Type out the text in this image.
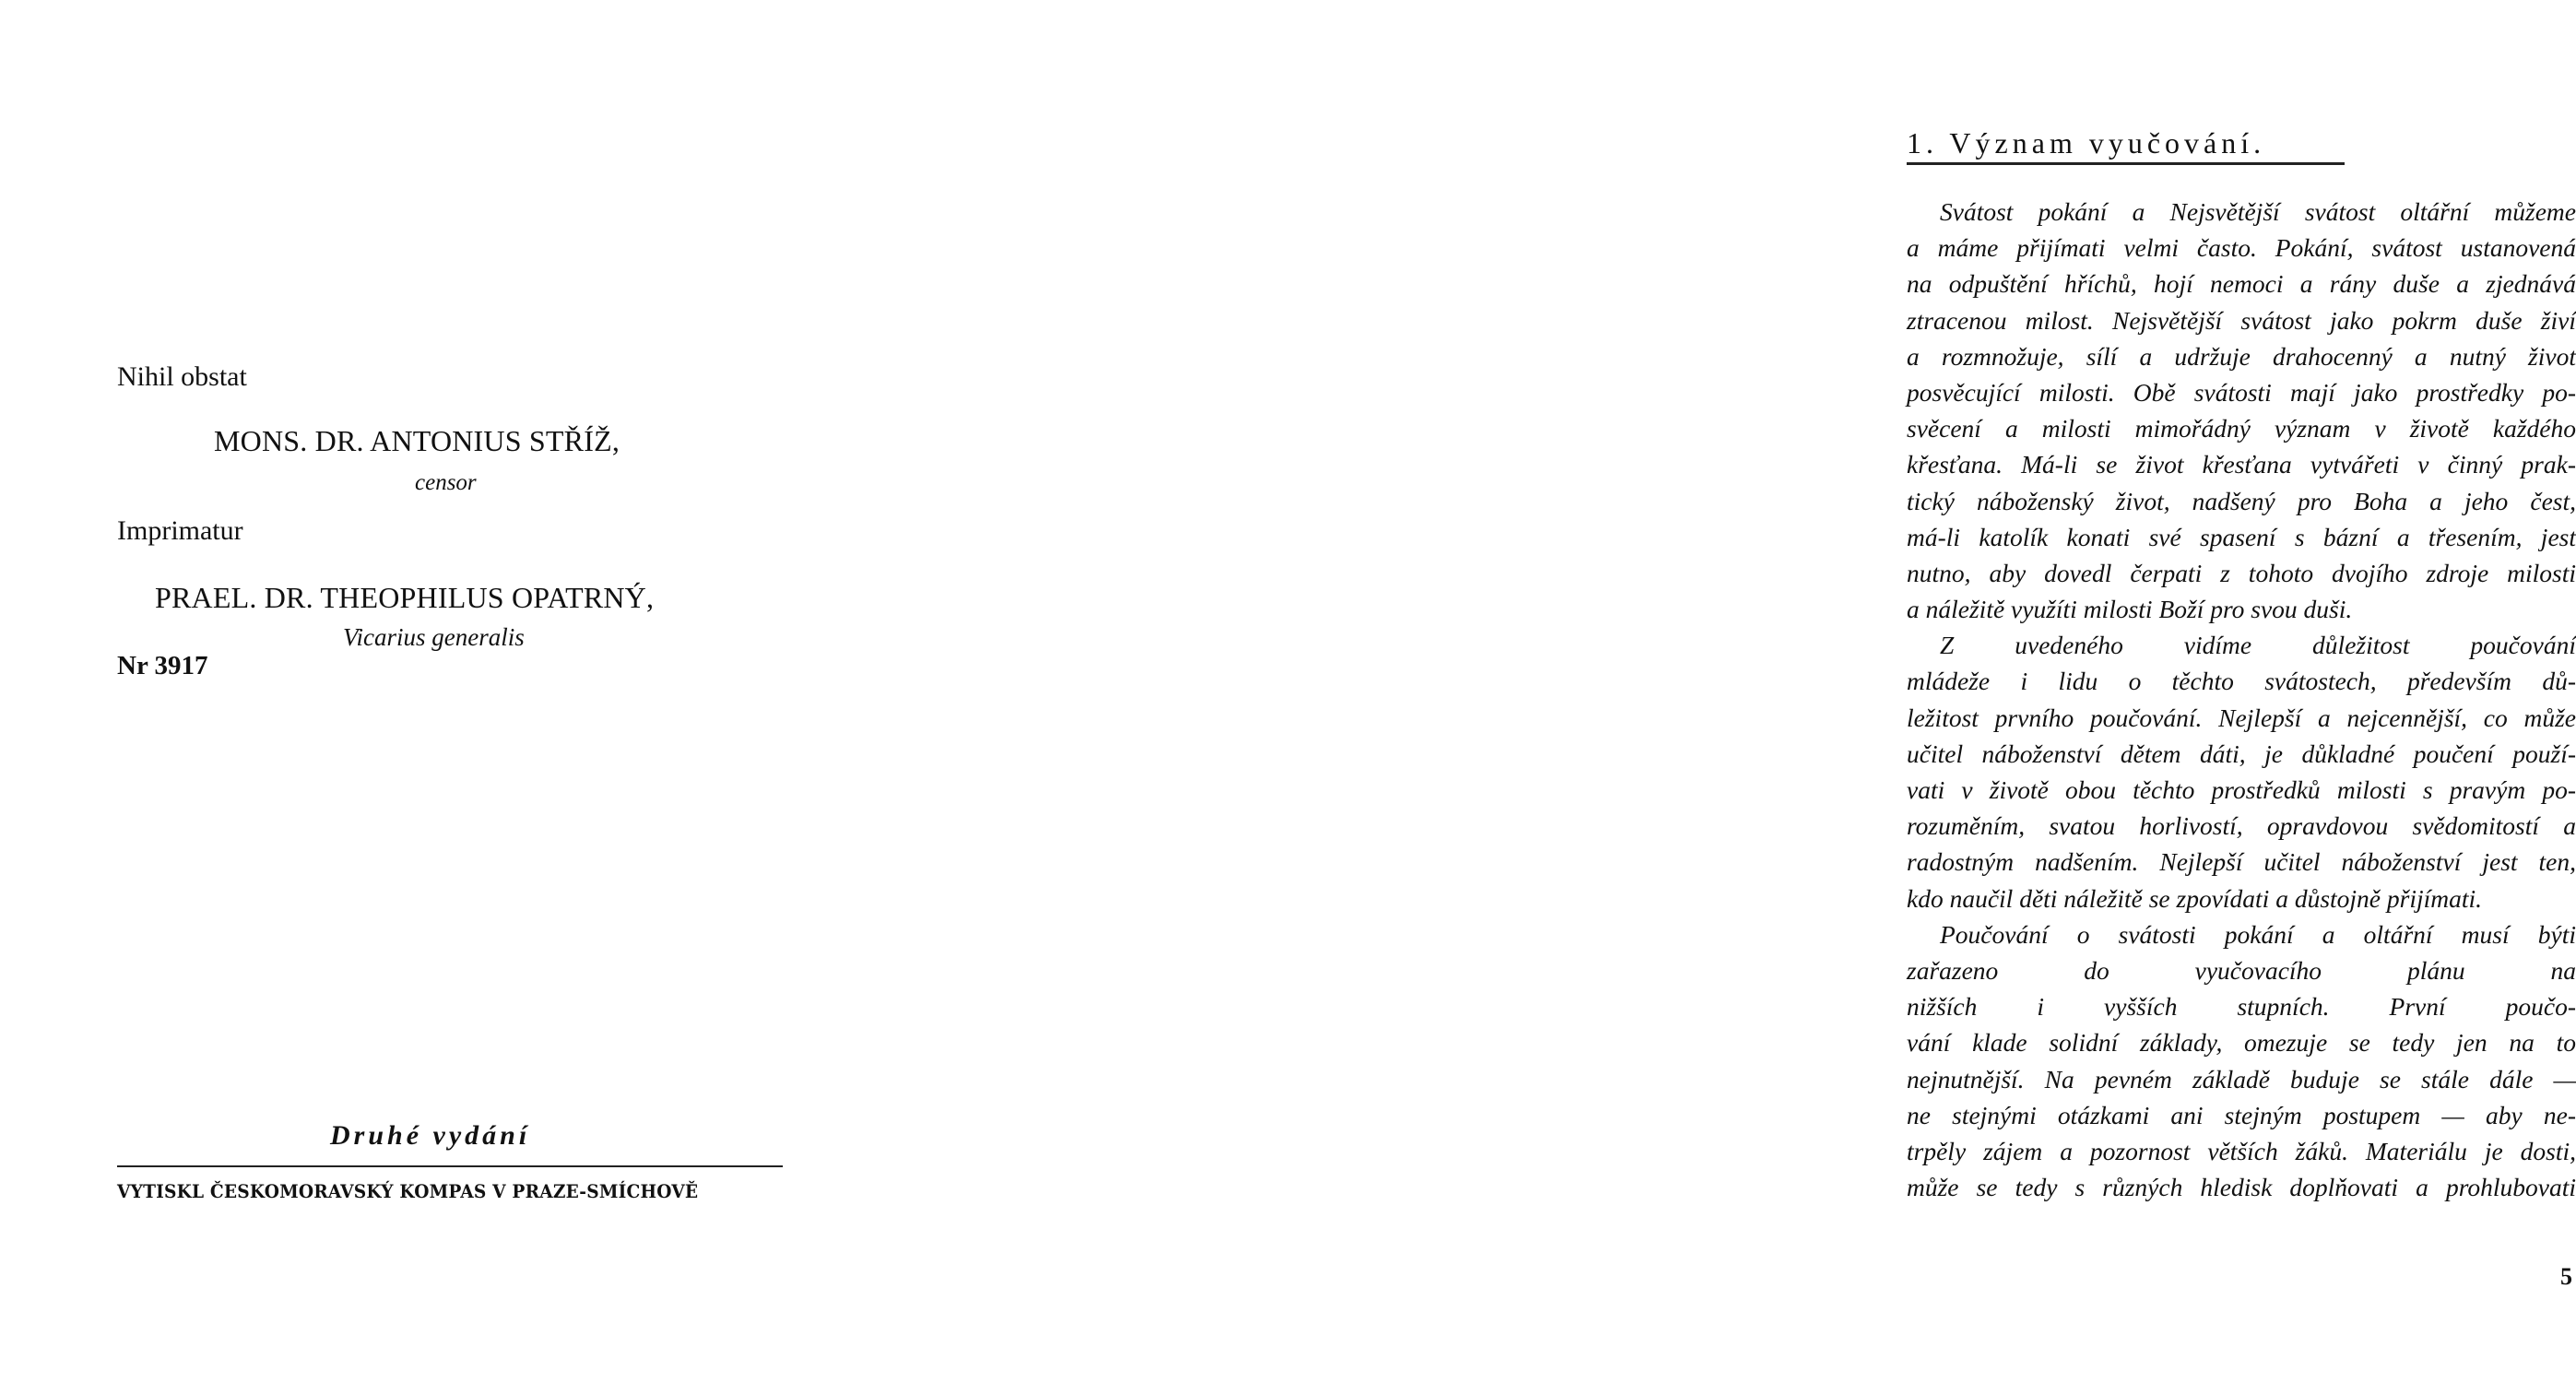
Nihil obstat
MONS. DR. ANTONIUS STŘÍŽ,
censor
Imprimatur
PRAEL. DR. THEOPHILUS OPATRNÝ,
Vicarius generalis
Nr 3917
Druhé vydání
VYTISKL ČESKOMORAVSKÝ KOMPAS V PRAZE-SMÍCHOVĚ
1. Význam vyučování.
Svátost pokání a Nejsvětější svátost oltářní můžeme
a máme přijímati velmi často. Pokání, svátost ustanovená
na odpuštění hříchů, hojí nemoci a rány duše a zjednává
ztracenou milost. Nejsvětější svátost jako pokrm duše živí
a rozmnožuje, sílí a udržuje drahocenný a nutný život
posvěcující milosti. Obě svátosti mají jako prostředky po-
svěcení a milosti mimořádný význam v životě každého
křesťana. Má-li se život křesťana vytvářeti v činný prak-
tický náboženský život, nadšený pro Boha a jeho čest,
má-li katolík konati své spasení s bázní a třesením, jest
nutno, aby dovedl čerpati z tohoto dvojího zdroje milosti
a náležitě využíti milosti Boží pro svou duši.
Z uvedeného vidíme důležitost poučování
mládeže i lidu o těchto svátostech, především dů-
ležitost prvního poučování. Nejlepší a nejcennější, co může
učitel náboženství dětem dáti, je důkladné poučení použí-
vati v životě obou těchto prostředků milosti s pravým po-
rozuměním, svatou horlivostí, opravdovou svědomitostí a
radostným nadšením. Nejlepší učitel náboženství jest ten,
kdo naučil děti náležitě se zpovídati a důstojně přijímati.
Poučování o svátosti pokání a oltářní musí býti
zařazeno do vyučovacího plánu na
nižších i vyšších stupních. První poučo-
vání klade solidní základy, omezuje se tedy jen na to
nejnutnější. Na pevném základě buduje se stále dále —
ne stejnými otázkami ani stejným postupem — aby ne-
trpěly zájem a pozornost větších žáků. Materiálu je dosti,
může se tedy s různých hledisk doplňovati a prohlubovati
5
